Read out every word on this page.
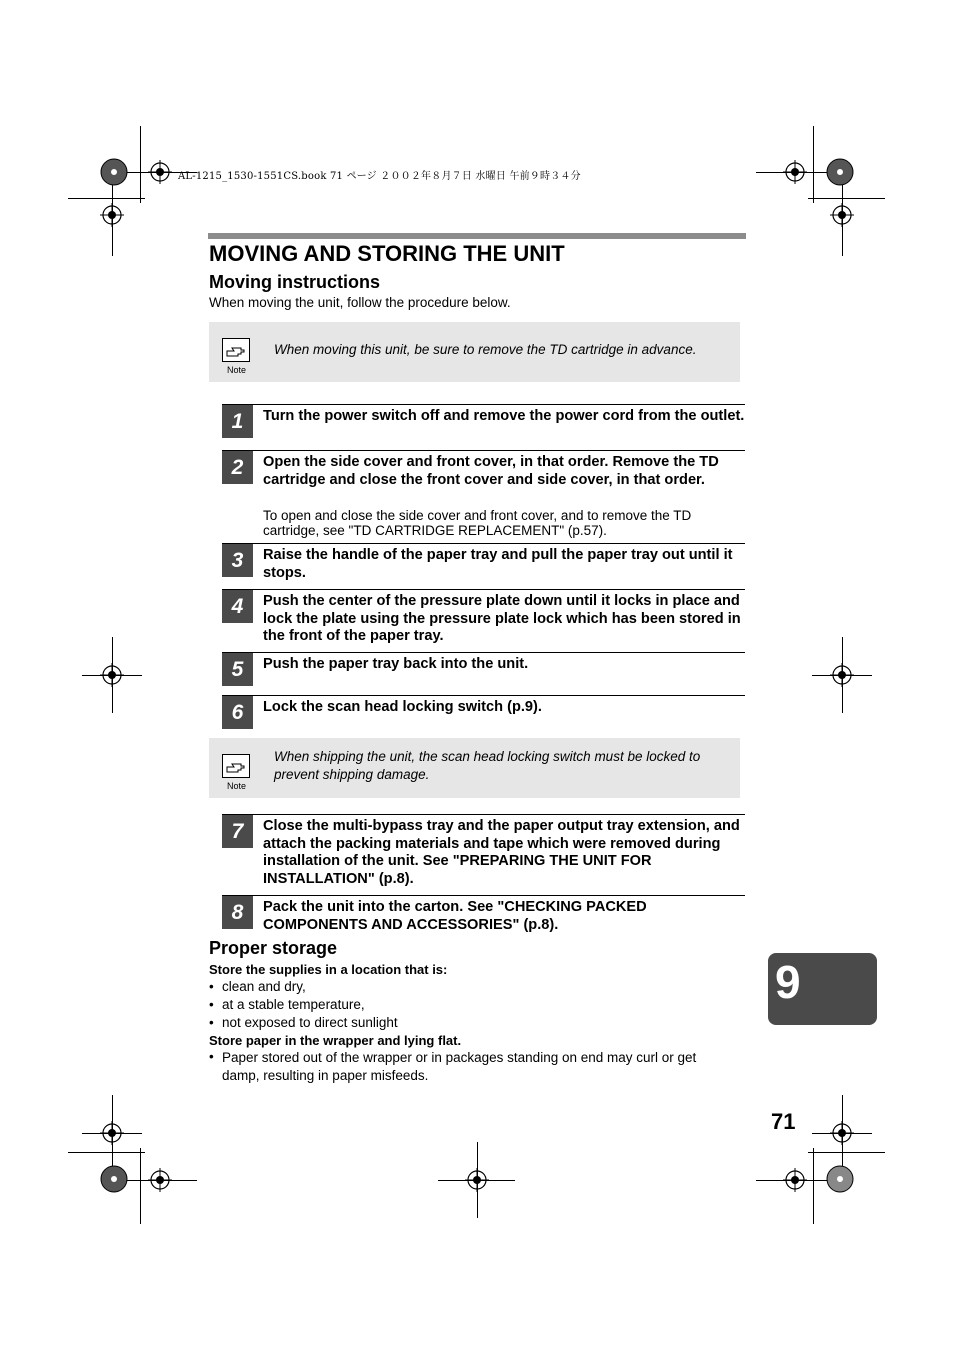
AL-1215_1530-1551CS.book 71 ページ ２００２年８月７日 水曜日 午前９時３４分
MOVING AND STORING THE UNIT
Moving instructions
When moving the unit, follow the procedure below.
Note
When moving this unit, be sure to remove the TD cartridge in advance.
1	Turn the power switch off and remove the power cord from the outlet.
2	Open the side cover and front cover, in that order. Remove the TD cartridge and close the front cover and side cover, in that order.
To open and close the side cover and front cover, and to remove the TD cartridge, see "TD CARTRIDGE REPLACEMENT" (p.57).
3	Raise the handle of the paper tray and pull the paper tray out until it stops.
4	Push the center of the pressure plate down until it locks in place and lock the plate using the pressure plate lock which has been stored in the front of the paper tray.
5	Push the paper tray back into the unit.
6	Lock the scan head locking switch (p.9).
Note
When shipping the unit, the scan head locking switch must be locked to prevent shipping damage.
7	Close the multi-bypass tray and the paper output tray extension, and attach the packing materials and tape which were removed during installation of the unit. See "PREPARING THE UNIT FOR INSTALLATION" (p.8).
8	Pack the unit into the carton. See "CHECKING PACKED COMPONENTS AND ACCESSORIES" (p.8).
Proper storage
Store the supplies in a location that is:
• clean and dry,
• at a stable temperature,
• not exposed to direct sunlight
Store paper in the wrapper and lying flat.
• Paper stored out of the wrapper or in packages standing on end may curl or get damp, resulting in paper misfeeds.
9
71
